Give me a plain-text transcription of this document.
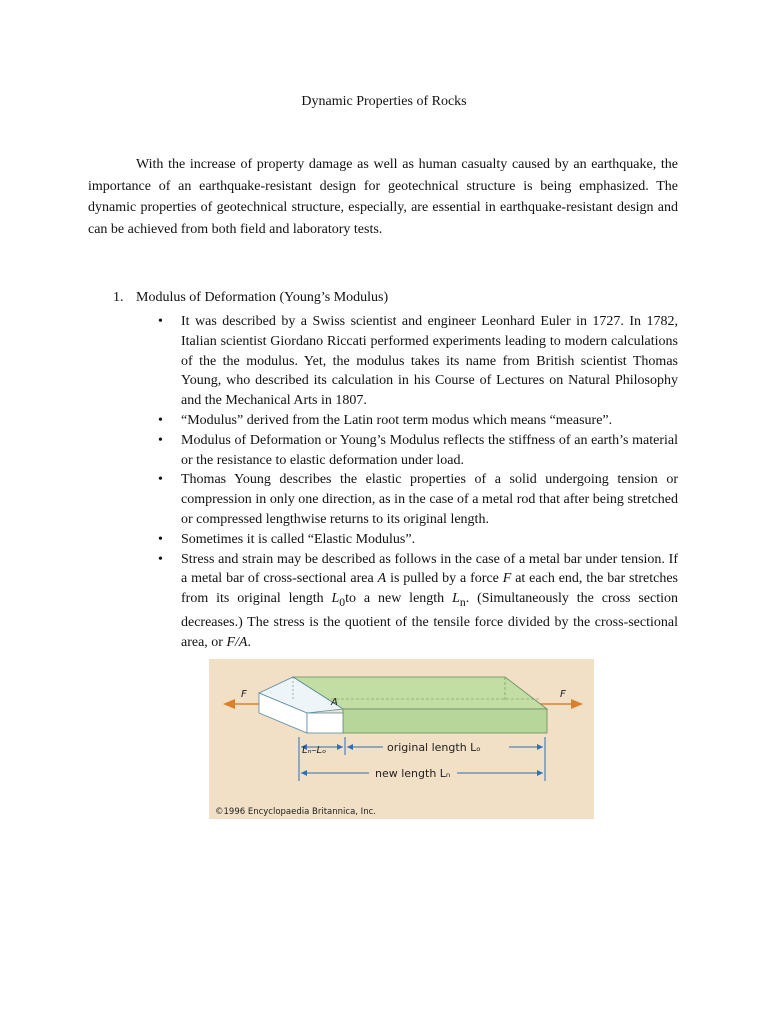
Dynamic Properties of Rocks

With the increase of property damage as well as human casualty caused by an earthquake, the importance of an earthquake-resistant design for geotechnical structure is being emphasized. The dynamic properties of geotechnical structure, especially, are essential in earthquake-resistant design and can be achieved from both field and laboratory tests.

1. Modulus of Deformation (Young’s Modulus)
• It was described by a Swiss scientist and engineer Leonhard Euler in 1727. In 1782, Italian scientist Giordano Riccati performed experiments leading to modern calculations of the the modulus. Yet, the modulus takes its name from British scientist Thomas Young, who described its calculation in his Course of Lectures on Natural Philosophy and the Mechanical Arts in 1807.
• “Modulus” derived from the Latin root term modus which means “measure”.
• Modulus of Deformation or Young’s Modulus reflects the stiffness of an earth’s material or the resistance to elastic deformation under load.
• Thomas Young describes the elastic properties of a solid undergoing tension or compression in only one direction, as in the case of a metal rod that after being stretched or compressed lengthwise returns to its original length.
• Sometimes it is called “Elastic Modulus”.
• Stress and strain may be described as follows in the case of a metal bar under tension. If a metal bar of cross-sectional area A is pulled by a force F at each end, the bar stretches from its original length $L_0to$ a new length $L_n$. (Simultaneously the cross section decreases.) The stress is the quotient of the tensile force divided by the cross-sectional area, or F/A.
F	F
A
Lₙ–Lₒ	original length Lₒ
new length Lₙ
©1996 Encyclopaedia Britannica, Inc.
